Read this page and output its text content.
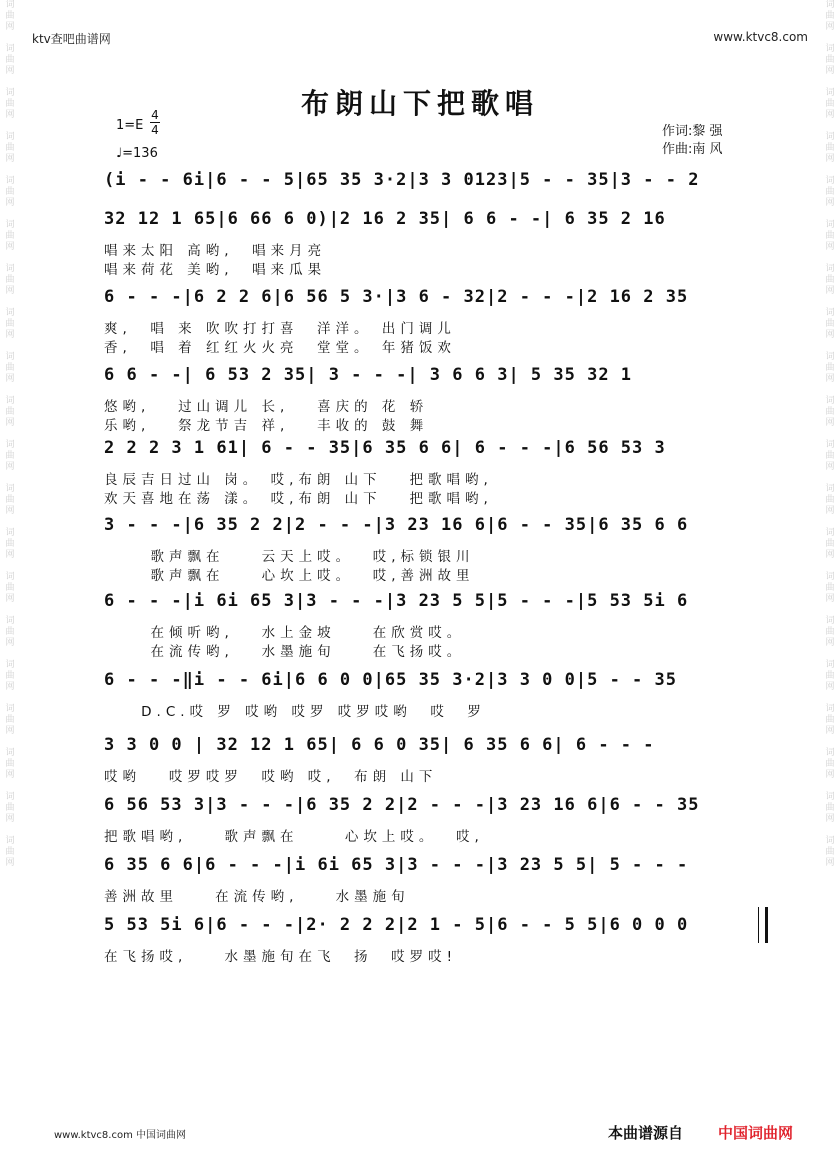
词
曲
网

词
曲
网

词
曲
网

词
曲
网

词
曲
网

词
曲
网

词
曲
网

词
曲
网

词
曲
网

词
曲
网

词
曲
网

词
曲
网

词
曲
网

词
曲
网

词
曲
网

词
曲
网

词
曲
网

词
曲
网

词
曲
网

词
曲
网
词
曲
网

词
曲
网

词
曲
网

词
曲
网

词
曲
网

词
曲
网

词
曲
网

词
曲
网

词
曲
网

词
曲
网

词
曲
网

词
曲
网

词
曲
网

词
曲
网

词
曲
网

词
曲
网

词
曲
网

词
曲
网

词
曲
网

词
曲
网
ktv查吧曲谱网	www.ktvc8.com
布朗山下把歌唱
1=E
4
4
♩=136
作词:黎 强
作曲:南 风
(i - - 6i|6 - - 5|65 35 3·2|3 3 0123|5 - - 35|3 - - 2
32 12 1 65|6 66 6 0)|2 16 2 35| 6 6 - -| 6 35 2 16
唱来太阳 高哟,  唱来月亮
唱来荷花 美哟,  唱来瓜果
6 - - -|6 2 2 6|6 56 5 3·|3 6 - 32|2 - - -|2 16 2 35
爽,  唱 来 吹吹打打喜  洋洋。 出门调儿
香,  唱 着 红红火火亮  堂堂。 年猪饭欢
6 6 - -| 6 53 2 35| 3 - - -| 3 6 6 3| 5 35 32 1
悠哟,   过山调儿 长,   喜庆的 花 轿
乐哟,   祭龙节吉 祥,   丰收的 鼓 舞
2 2 2 3 1 61| 6 - - 35|6 35 6 6| 6 - - -|6 56 53 3
良辰吉日过山 岗。 哎,布朗 山下   把歌唱哟,
欢天喜地在荡 漾。 哎,布朗 山下   把歌唱哟,
3 - - -|6 35 2 2|2 - - -|3 23 16 6|6 - - 35|6 35 6 6
歌声飘在    云天上哎。  哎,标锁银川
歌声飘在    心坎上哎。  哎,善洲故里
6 - - -|i 6i 65 3|3 - - -|3 23 5 5|5 - - -|5 53 5i 6
在倾听哟,   水上金坡    在欣赏哎。
在流传哟,   水墨施旬    在飞扬哎。
6 - - -‖i - - 6i|6 6 0 0|65 35 3·2|3 3 0 0|5 - - 35
D.C.哎 罗 哎哟 哎罗 哎罗哎哟  哎  罗
3 3 0 0 | 32 12 1 65| 6 6 0 35| 6 35 6 6| 6 - - -
哎哟   哎罗哎罗  哎哟 哎,  布朗 山下
6 56 53 3|3 - - -|6 35 2 2|2 - - -|3 23 16 6|6 - - 35
把歌唱哟,    歌声飘在     心坎上哎。  哎,
6 35 6 6|6 - - -|i 6i 65 3|3 - - -|3 23 5 5| 5 - - -
善洲故里    在流传哟,    水墨施旬
5 53 5i 6|6 - - -|2· 2 2 2|2 1 - 5|6 - - 5 5|6 0 0 0
在飞扬哎,    水墨施旬在飞  扬  哎罗哎!
www.ktvc8.com 中国词曲网	本曲谱源自 中国词曲网
